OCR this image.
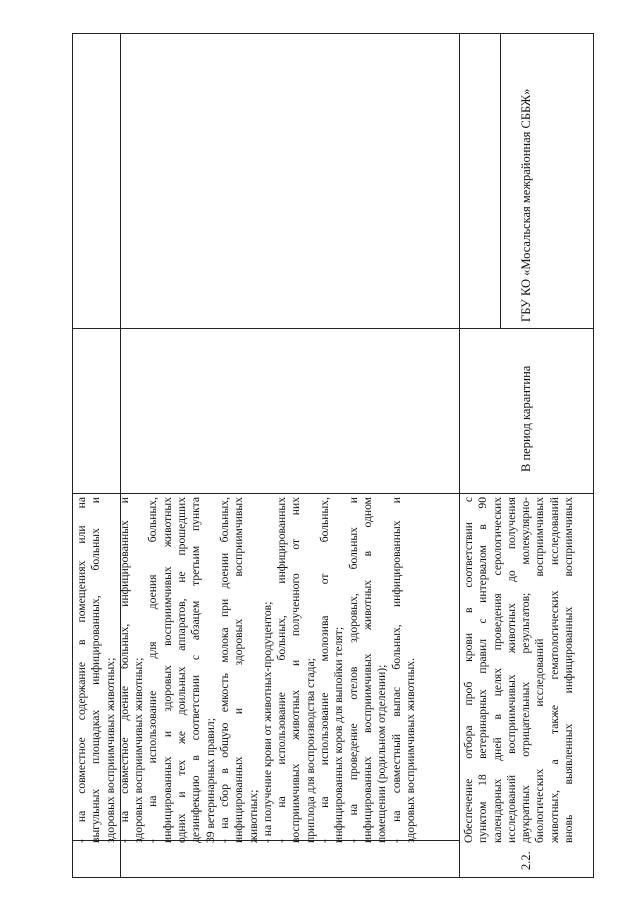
2.2.
- на совместное содержание в помещениях или на выгульных площадках инфицированных, больных и здоровых восприимчивых животных; - на совместное доение больных, инфицированных и здоровых восприимчивых животных; - на использование для доения больных, инфицированных и здоровых восприимчивых животных одних и тех же доильных аппаратов, не прошедших дезинфекцию в соответствии с абзацем третьим пункта 39 ветеринарных правил; - на сбор в общую емкость молока при доении больных, инфицированных и здоровых восприимчивых животных; - на получение крови от животных-продуцентов; - на использование больных, инфицированных восприимчивых животных и полученного от них приплода для воспроизводства стада; - на использование молозива от больных, инфицированных коров для выпойки телят; - на проведение отелов здоровых, больных и инфицированных восприимчивых животных в одном помещении (родильном отделении); - на совместный выпас больных, инфицированных и здоровых восприимчивых животных.	Обеспечение отбора проб крови в соответствии с пунктом 18 ветеринарных правил с интервалом в 90 календарных дней в целях проведения серологических исследований восприимчивых животных до получения двукратных отрицательных результатов; молекулярно- биологических исследований восприимчивых животных, а также гематологических исследований вновь выявленных инфицированных восприимчивых
В период карантина
ГБУ КО «Мосальская межрайонная СББЖ»
